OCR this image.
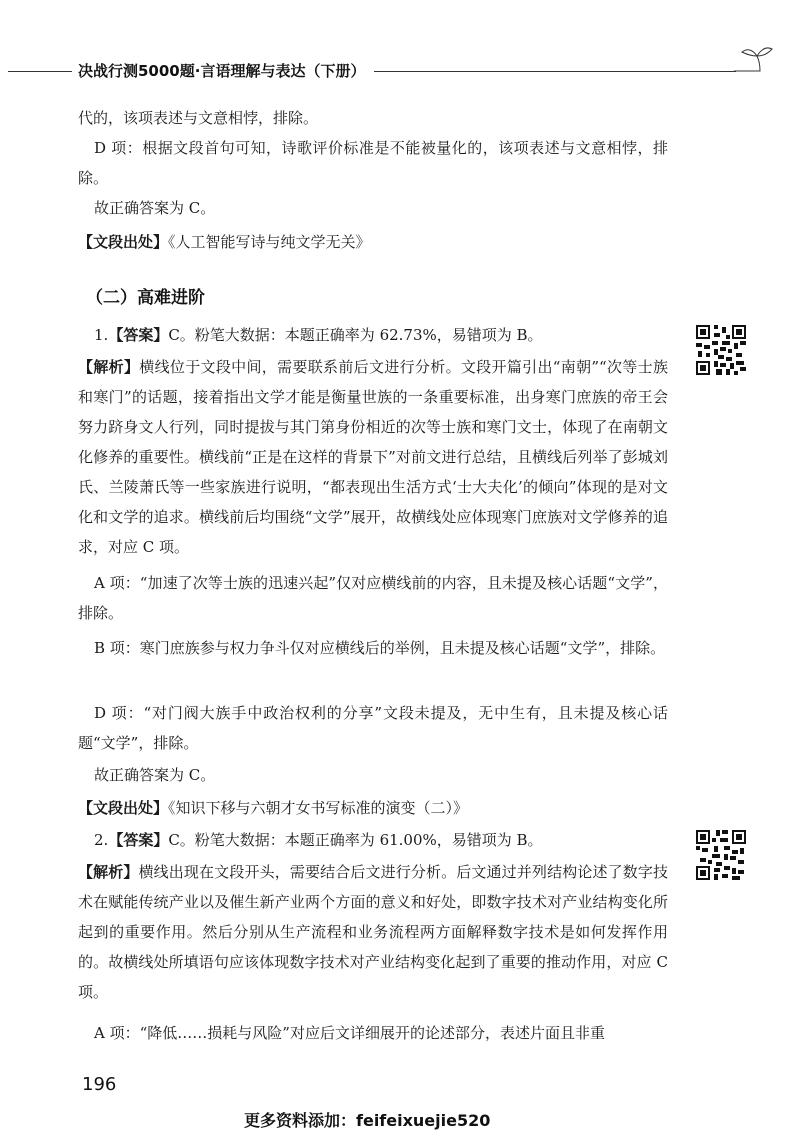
决战行测5000题·言语理解与表达（下册）

代的，该项表述与文意相悖，排除。

D 项：根据文段首句可知，诗歌评价标准是不能被量化的，该项表述与文意相悖，排除。

故正确答案为 C。

【文段出处】《人工智能写诗与纯文学无关》

（二）高难进阶

1.【答案】C。粉笔大数据：本题正确率为 62.73%，易错项为 B。

【解析】横线位于文段中间，需要联系前后文进行分析。文段开篇引出“南朝”“次等士族和寒门”的话题，接着指出文学才能是衡量世族的一条重要标准，出身寒门庶族的帝王会努力跻身文人行列，同时提拔与其门第身份相近的次等士族和寒门文士，体现了在南朝文化修养的重要性。横线前“正是在这样的背景下”对前文进行总结，且横线后列举了彭城刘氏、兰陵萧氏等一些家族进行说明，“都表现出生活方式‘士大夫化’的倾向”体现的是对文化和文学的追求。横线前后均围绕“文学”展开，故横线处应体现寒门庶族对文学修养的追求，对应 C 项。

A 项：“加速了次等士族的迅速兴起”仅对应横线前的内容，且未提及核心话题“文学”，排除。

B 项：寒门庶族参与权力争斗仅对应横线后的举例，且未提及核心话题“文学”，排除。

D 项：“对门阀大族手中政治权利的分享”文段未提及，无中生有，且未提及核心话题“文学”，排除。

故正确答案为 C。

【文段出处】《知识下移与六朝才女书写标准的演变（二）》

2.【答案】C。粉笔大数据：本题正确率为 61.00%，易错项为 B。

【解析】横线出现在文段开头，需要结合后文进行分析。后文通过并列结构论述了数字技术在赋能传统产业以及催生新产业两个方面的意义和好处，即数字技术对产业结构变化所起到的重要作用。然后分别从生产流程和业务流程两方面解释数字技术是如何发挥作用的。故横线处所填语句应该体现数字技术对产业结构变化起到了重要的推动作用，对应 C 项。

A 项：“降低……损耗与风险”对应后文详细展开的论述部分，表述片面且非重

196
更多资料添加：feifeixuejie520
